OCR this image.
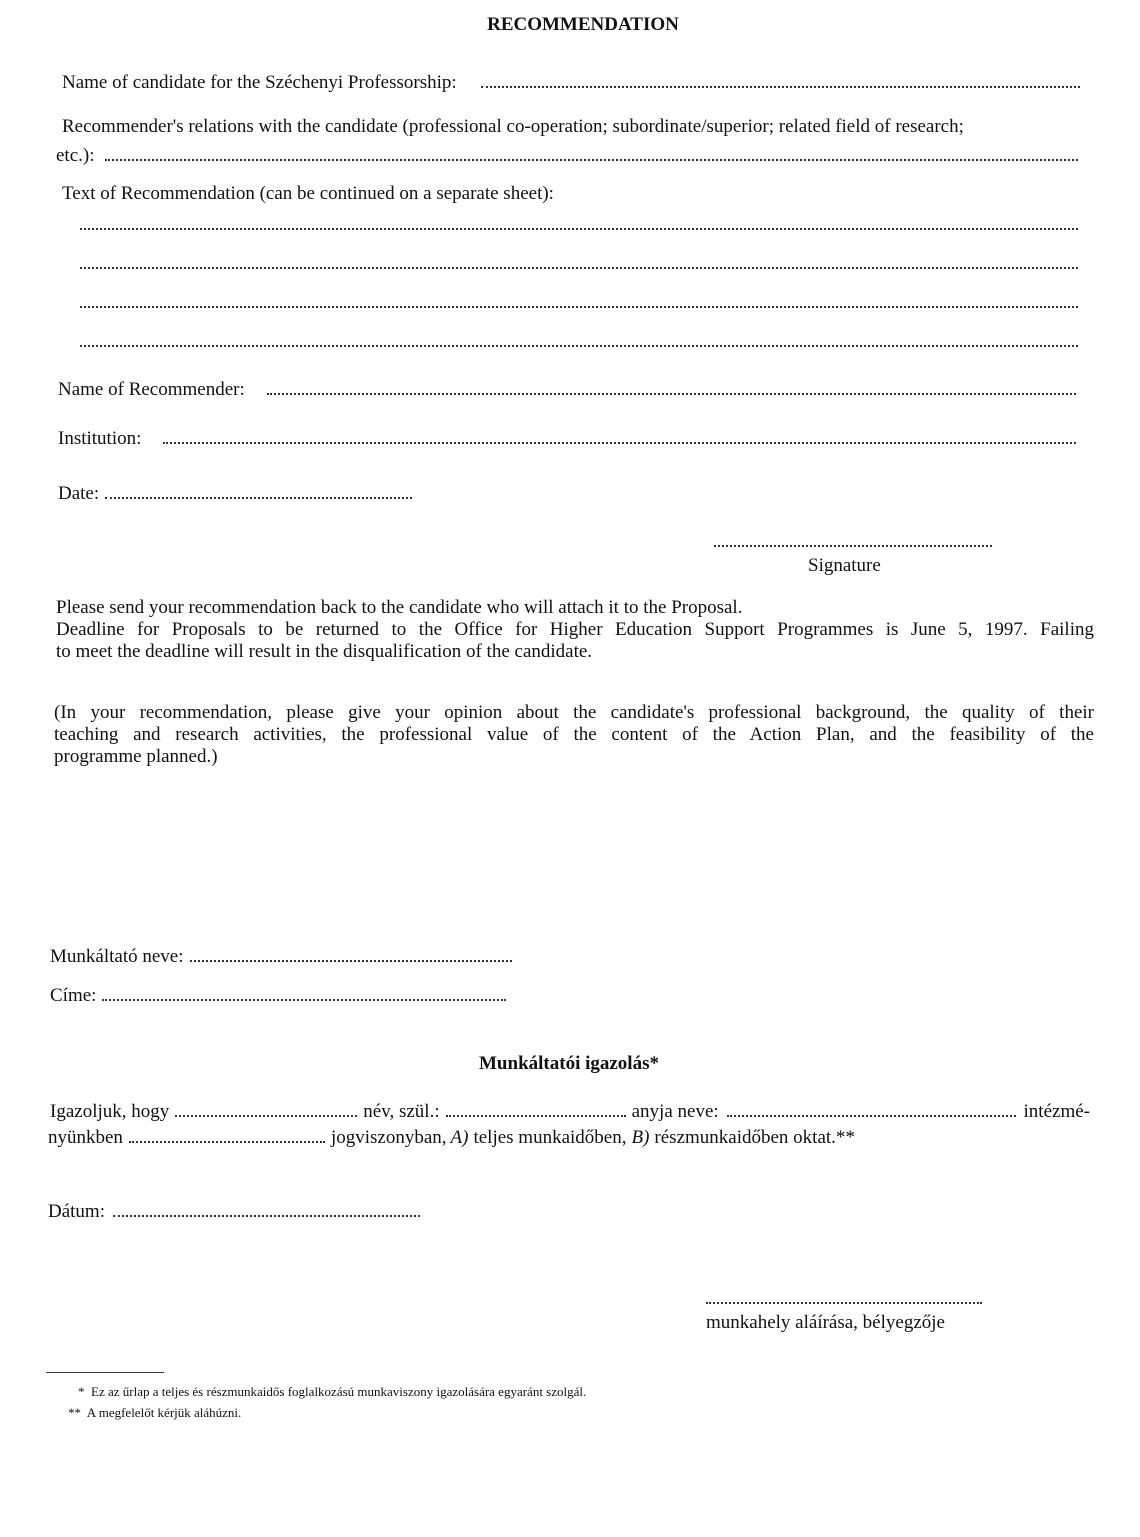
RECOMMENDATION
Name of candidate for the Széchenyi Professorship:
Recommender's relations with the candidate (professional co-operation; subordinate/superior; related field of research;
etc.):
Text of Recommendation (can be continued on a separate sheet):
Name of Recommender:
Institution:
Date:
Signature
Please send your recommendation back to the candidate who will attach it to the Proposal.
Deadline for Proposals to be returned to the Office for Higher Education Support Programmes is June 5, 1997. Failing
to meet the deadline will result in the disqualification of the candidate.
(In your recommendation, please give your opinion about the candidate's professional background, the quality of their
teaching and research activities, the professional value of the content of the Action Plan, and the feasibility of the
programme planned.)
Munkáltató neve:
Címe:
Munkáltatói igazolás*
Igazoljuk, hogy	név, szül.:	anyja neve:	intézmé-
nyünkben	jogviszonyban, A) teljes munkaidőben, B) részmunkaidőben oktat.**
Dátum:
munkahely aláírása, bélyegzője
* Ez az űrlap a teljes és részmunkaidős foglalkozású munkaviszony igazolására egyaránt szolgál.
** A megfelelőt kérjük aláhúzni.
